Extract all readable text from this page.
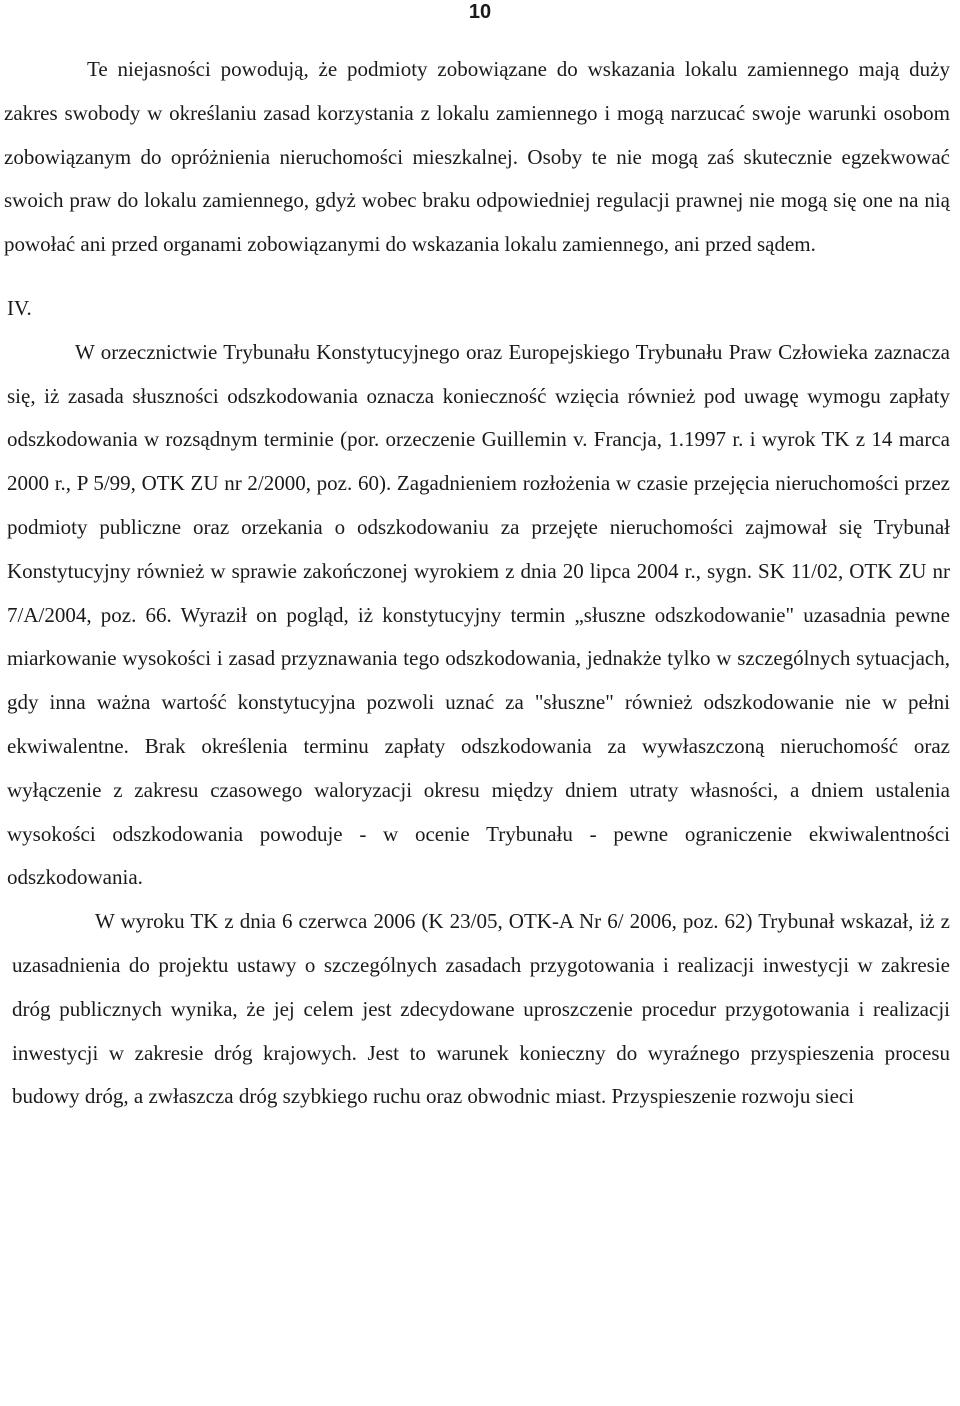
10

Te niejasności powodują, że podmioty zobowiązane do wskazania lokalu zamiennego mają duży zakres swobody w określaniu zasad korzystania z lokalu zamiennego i mogą narzucać swoje warunki osobom zobowiązanym do opróżnienia nieruchomości mieszkalnej. Osoby te nie mogą zaś skutecznie egzekwować swoich praw do lokalu zamiennego, gdyż wobec braku odpowiedniej regulacji prawnej nie mogą się one na nią powołać ani przed organami zobowiązanymi do wskazania lokalu zamiennego, ani przed sądem.

IV.

W orzecznictwie Trybunału Konstytucyjnego oraz Europejskiego Trybunału Praw Człowieka zaznacza się, iż zasada słuszności odszkodowania oznacza konieczność wzięcia również pod uwagę wymogu zapłaty odszkodowania w rozsądnym terminie (por. orzeczenie Guillemin v. Francja, 1.1997 r. i wyrok TK z 14 marca 2000 r., P 5/99, OTK ZU nr 2/2000, poz. 60). Zagadnieniem rozłożenia w czasie przejęcia nieruchomości przez podmioty publiczne oraz orzekania o odszkodowaniu za przejęte nieruchomości zajmował się Trybunał Konstytucyjny również w sprawie zakończonej wyrokiem z dnia 20 lipca 2004 r., sygn. SK 11/02, OTK ZU nr 7/A/2004, poz. 66. Wyraził on pogląd, iż konstytucyjny termin „słuszne odszkodowanie" uzasadnia pewne miarkowanie wysokości i zasad przyznawania tego odszkodowania, jednakże tylko w szczególnych sytuacjach, gdy inna ważna wartość konstytucyjna pozwoli uznać za "słuszne" również odszkodowanie nie w pełni ekwiwalentne. Brak określenia terminu zapłaty odszkodowania za wywłaszczoną nieruchomość oraz wyłączenie z zakresu czasowego waloryzacji okresu między dniem utraty własności, a dniem ustalenia wysokości odszkodowania powoduje - w ocenie Trybunału - pewne ograniczenie ekwiwalentności odszkodowania.

W wyroku TK z dnia 6 czerwca 2006 (K 23/05, OTK-A Nr 6/ 2006, poz. 62) Trybunał wskazał, iż z uzasadnienia do projektu ustawy o szczególnych zasadach przygotowania i realizacji inwestycji w zakresie dróg publicznych wynika, że jej celem jest zdecydowane uproszczenie procedur przygotowania i realizacji inwestycji w zakresie dróg krajowych. Jest to warunek konieczny do wyraźnego przyspieszenia procesu budowy dróg, a zwłaszcza dróg szybkiego ruchu oraz obwodnic miast. Przyspieszenie rozwoju sieci
